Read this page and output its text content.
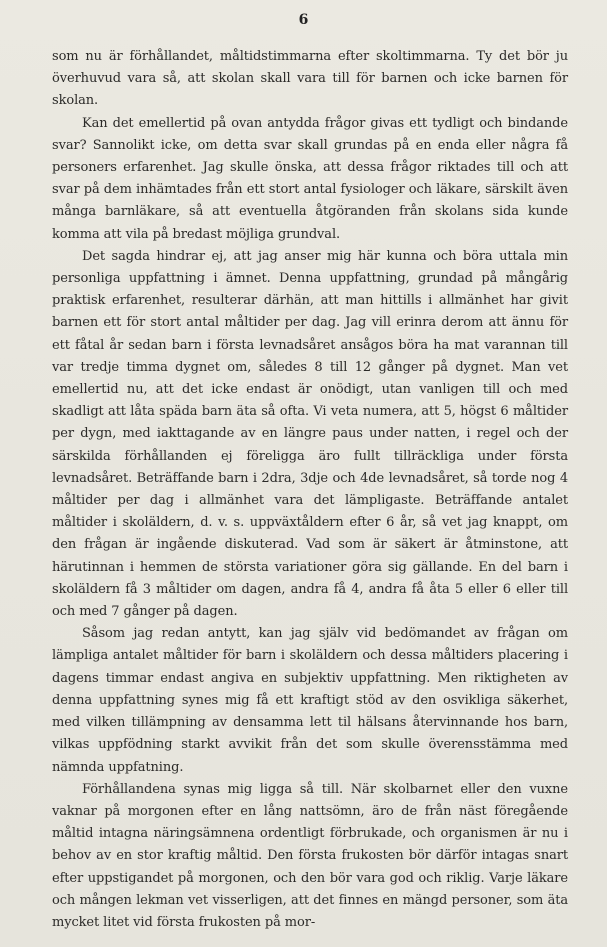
6

som nu är förhållandet, måltidstimmarna efter skoltimmarna. Ty det bör ju överhuvud vara så, att skolan skall vara till för barnen och icke barnen för skolan.

Kan det emellertid på ovan antydda frågor givas ett tydligt och bindande svar? Sannolikt icke, om detta svar skall grundas på en enda eller några få personers erfarenhet. Jag skulle önska, att dessa frågor riktades till och att svar på dem inhämtades från ett stort antal fysiologer och läkare, särskilt även många barnläkare, så att eventuella åtgöranden från skolans sida kunde komma att vila på bredast möjliga grundval.

Det sagda hindrar ej, att jag anser mig här kunna och böra uttala min personliga uppfattning i ämnet. Denna uppfattning, grundad på mångårig praktisk erfarenhet, resulterar därhän, att man hittills i allmänhet har givit barnen ett för stort antal måltider per dag. Jag vill erinra derom att ännu för ett fåtal år sedan barn i första levnadsåret ansågos böra ha mat varannan till var tredje timma dygnet om, således 8 till 12 gånger på dygnet. Man vet emellertid nu, att det icke endast är onödigt, utan vanligen till och med skadligt att låta späda barn äta så ofta. Vi veta numera, att 5, högst 6 måltider per dygn, med iakttagande av en längre paus under natten, i regel och der särskilda förhållanden ej föreligga äro fullt tillräckliga under första levnadsåret. Beträffande barn i 2dra, 3dje och 4de levnadsåret, så torde nog 4 måltider per dag i allmänhet vara det lämpligaste. Beträffande antalet måltider i skoläldern, d. v. s. uppväxtåldern efter 6 år, så vet jag knappt, om den frågan är ingående diskuterad. Vad som är säkert är åtminstone, att härutinnan i hemmen de största variationer göra sig gällande. En del barn i skoläldern få 3 måltider om dagen, andra få 4, andra få åta 5 eller 6 eller till och med 7 gånger på dagen.

Såsom jag redan antytt, kan jag själv vid bedömandet av frågan om lämpliga antalet måltider för barn i skoläldern och dessa måltiders placering i dagens timmar endast angiva en subjektiv uppfattning. Men riktigheten av denna uppfattning synes mig få ett kraftigt stöd av den osvikliga säkerhet, med vilken tillämpning av densamma lett til hälsans återvinnande hos barn, vilkas uppfödning starkt avvikit från det som skulle överensstämma med nämnda uppfatning.

Förhållandena synas mig ligga så till. När skolbarnet eller den vuxne vaknar på morgonen efter en lång nattsömn, äro de från näst föregående måltid intagna näringsämnena ordentligt förbrukade, och organismen är nu i behov av en stor kraftig måltid. Den första frukosten bör därför intagas snart efter uppstigandet på morgonen, och den bör vara god och riklig. Varje läkare och mången lekman vet visserligen, att det finnes en mängd personer, som äta mycket litet vid första frukosten på mor-
